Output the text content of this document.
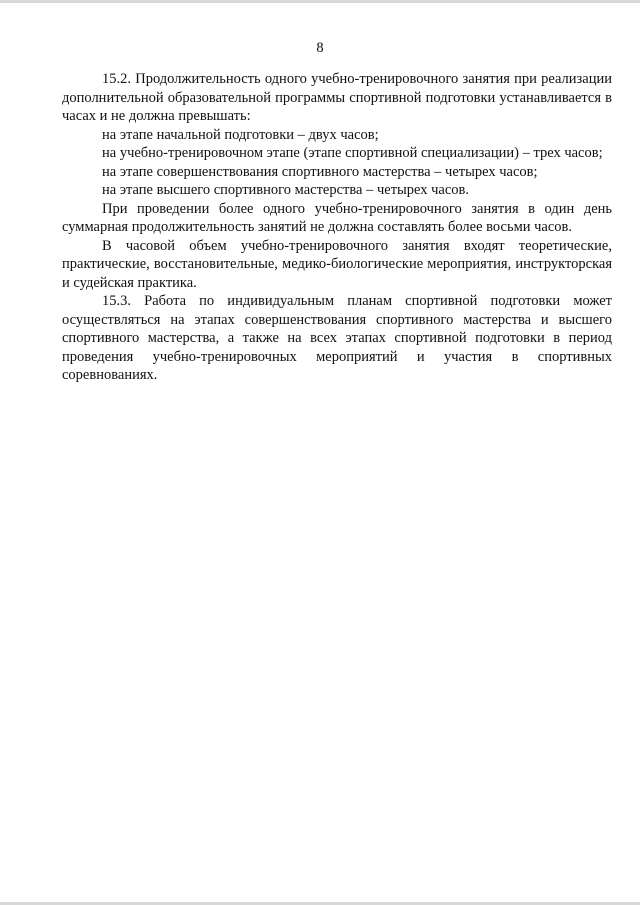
8

15.2. Продолжительность одного учебно-тренировочного занятия при реализации дополнительной образовательной программы спортивной подготовки устанавливается в часах и не должна превышать:

на этапе начальной подготовки – двух часов;

на учебно-тренировочном этапе (этапе спортивной специализации) – трех часов;

на этапе совершенствования спортивного мастерства – четырех часов;

на этапе высшего спортивного мастерства – четырех часов.

При проведении более одного учебно-тренировочного занятия в один день суммарная продолжительность занятий не должна составлять более восьми часов.

В часовой объем учебно-тренировочного занятия входят теоретические, практические, восстановительные, медико-биологические мероприятия, инструкторская и судейская практика.

15.3. Работа по индивидуальным планам спортивной подготовки может осуществляться на этапах совершенствования спортивного мастерства и высшего спортивного мастерства, а также на всех этапах спортивной подготовки в период проведения учебно-тренировочных мероприятий и участия в спортивных соревнованиях.
